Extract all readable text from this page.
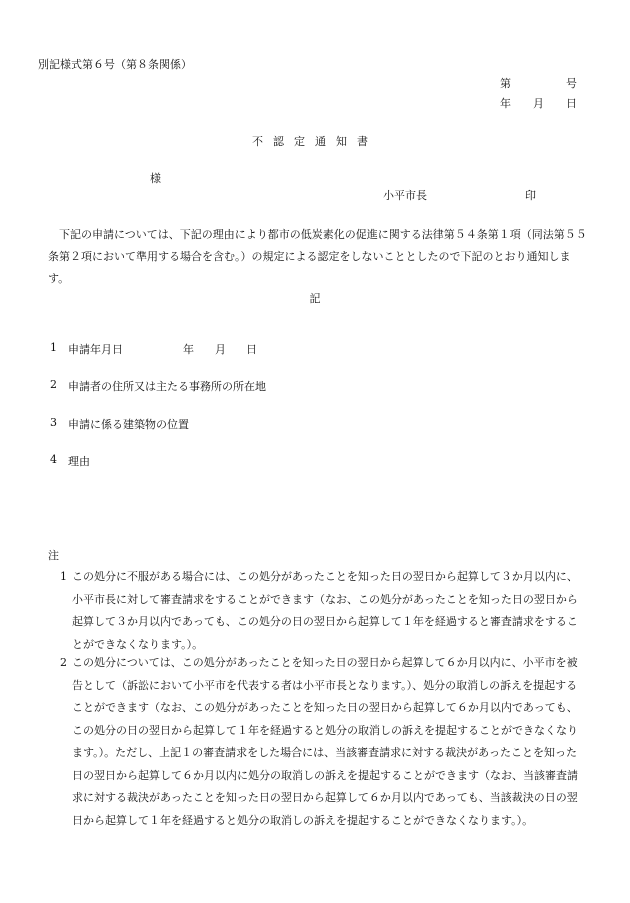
別記様式第６号（第８条関係）
第	号
年 月 日
不認定通知書
様
小平市長	印
下記の申請については、下記の理由により都市の低炭素化の促進に関する法律第５４条第１項（同法第５５条第２項において準用する場合を含む。）の規定による認定をしないこととしたので下記のとおり通知します。
記
1 申請年月日	年 月 日
2 申請者の住所又は主たる事務所の所在地
3 申請に係る建築物の位置
4 理由
注
1 この処分に不服がある場合には、この処分があったことを知った日の翌日から起算して３か月以内に、小平市長に対して審査請求をすることができます（なお、この処分があったことを知った日の翌日から起算して３か月以内であっても、この処分の日の翌日から起算して１年を経過すると審査請求をすることができなくなります。）。
2 この処分については、この処分があったことを知った日の翌日から起算して６か月以内に、小平市を被告として（訴訟において小平市を代表する者は小平市長となります。）、処分の取消しの訴えを提起することができます（なお、この処分があったことを知った日の翌日から起算して６か月以内であっても、この処分の日の翌日から起算して１年を経過すると処分の取消しの訴えを提起することができなくなります。）。ただし、上記１の審査請求をした場合には、当該審査請求に対する裁決があったことを知った日の翌日から起算して６か月以内に処分の取消しの訴えを提起することができます（なお、当該審査請求に対する裁決があったことを知った日の翌日から起算して６か月以内であっても、当該裁決の日の翌日から起算して１年を経過すると処分の取消しの訴えを提起することができなくなります。）。
